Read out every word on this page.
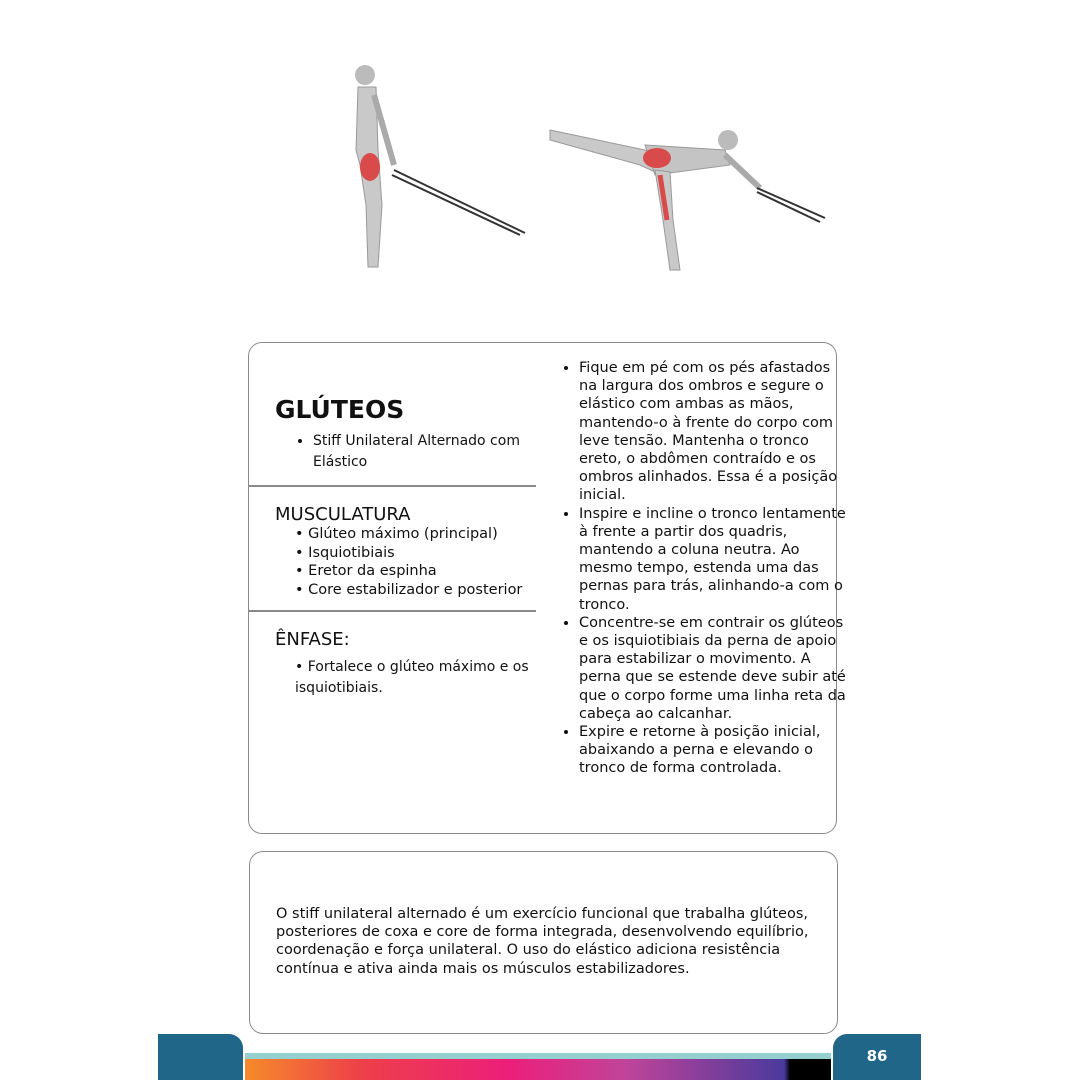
GLÚTEOS
• Stiff Unilateral Alternado com Elástico
MUSCULATURA
• Glúteo máximo (principal)
• Isquiotibiais
• Eretor da espinha
• Core estabilizador e posterior
ÊNFASE:
• Fortalece o glúteo máximo e os isquiotibiais.
• Fique em pé com os pés afastados na largura dos ombros e segure o elástico com ambas as mãos, mantendo-o à frente do corpo com leve tensão. Mantenha o tronco ereto, o abdômen contraído e os ombros alinhados. Essa é a posição inicial.
• Inspire e incline o tronco lentamente à frente a partir dos quadris, mantendo a coluna neutra. Ao mesmo tempo, estenda uma das pernas para trás, alinhando-a com o tronco.
• Concentre-se em contrair os glúteos e os isquiotibiais da perna de apoio para estabilizar o movimento. A perna que se estende deve subir até que o corpo forme uma linha reta da cabeça ao calcanhar.
• Expire e retorne à posição inicial, abaixando a perna e elevando o tronco de forma controlada.
O stiff unilateral alternado é um exercício funcional que trabalha glúteos, posteriores de coxa e core de forma integrada, desenvolvendo equilíbrio, coordenação e força unilateral. O uso do elástico adiciona resistência contínua e ativa ainda mais os músculos estabilizadores.
86
